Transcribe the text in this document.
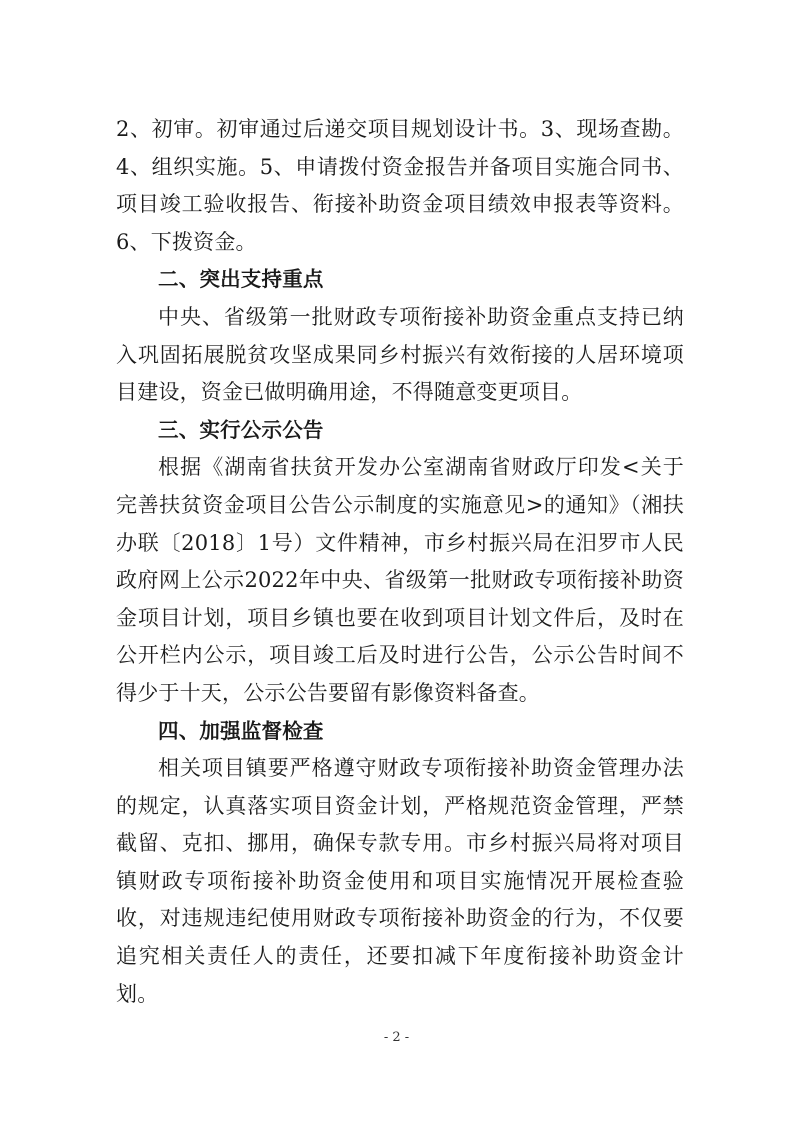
2、初审。初审通过后递交项目规划设计书。3、现场查勘。4、组织实施。5、申请拨付资金报告并备项目实施合同书、项目竣工验收报告、衔接补助资金项目绩效申报表等资料。6、下拨资金。

二、突出支持重点

中央、省级第一批财政专项衔接补助资金重点支持已纳入巩固拓展脱贫攻坚成果同乡村振兴有效衔接的人居环境项目建设，资金已做明确用途，不得随意变更项目。

三、实行公示公告

根据《湖南省扶贫开发办公室湖南省财政厅印发<关于完善扶贫资金项目公告公示制度的实施意见>的通知》（湘扶办联〔2018〕1号）文件精神，市乡村振兴局在汨罗市人民政府网上公示2022年中央、省级第一批财政专项衔接补助资金项目计划，项目乡镇也要在收到项目计划文件后，及时在公开栏内公示，项目竣工后及时进行公告，公示公告时间不得少于十天，公示公告要留有影像资料备查。

四、加强监督检查

相关项目镇要严格遵守财政专项衔接补助资金管理办法的规定，认真落实项目资金计划，严格规范资金管理，严禁截留、克扣、挪用，确保专款专用。市乡村振兴局将对项目镇财政专项衔接补助资金使用和项目实施情况开展检查验收，对违规违纪使用财政专项衔接补助资金的行为，不仅要追究相关责任人的责任，还要扣减下年度衔接补助资金计划。

- 2 -
